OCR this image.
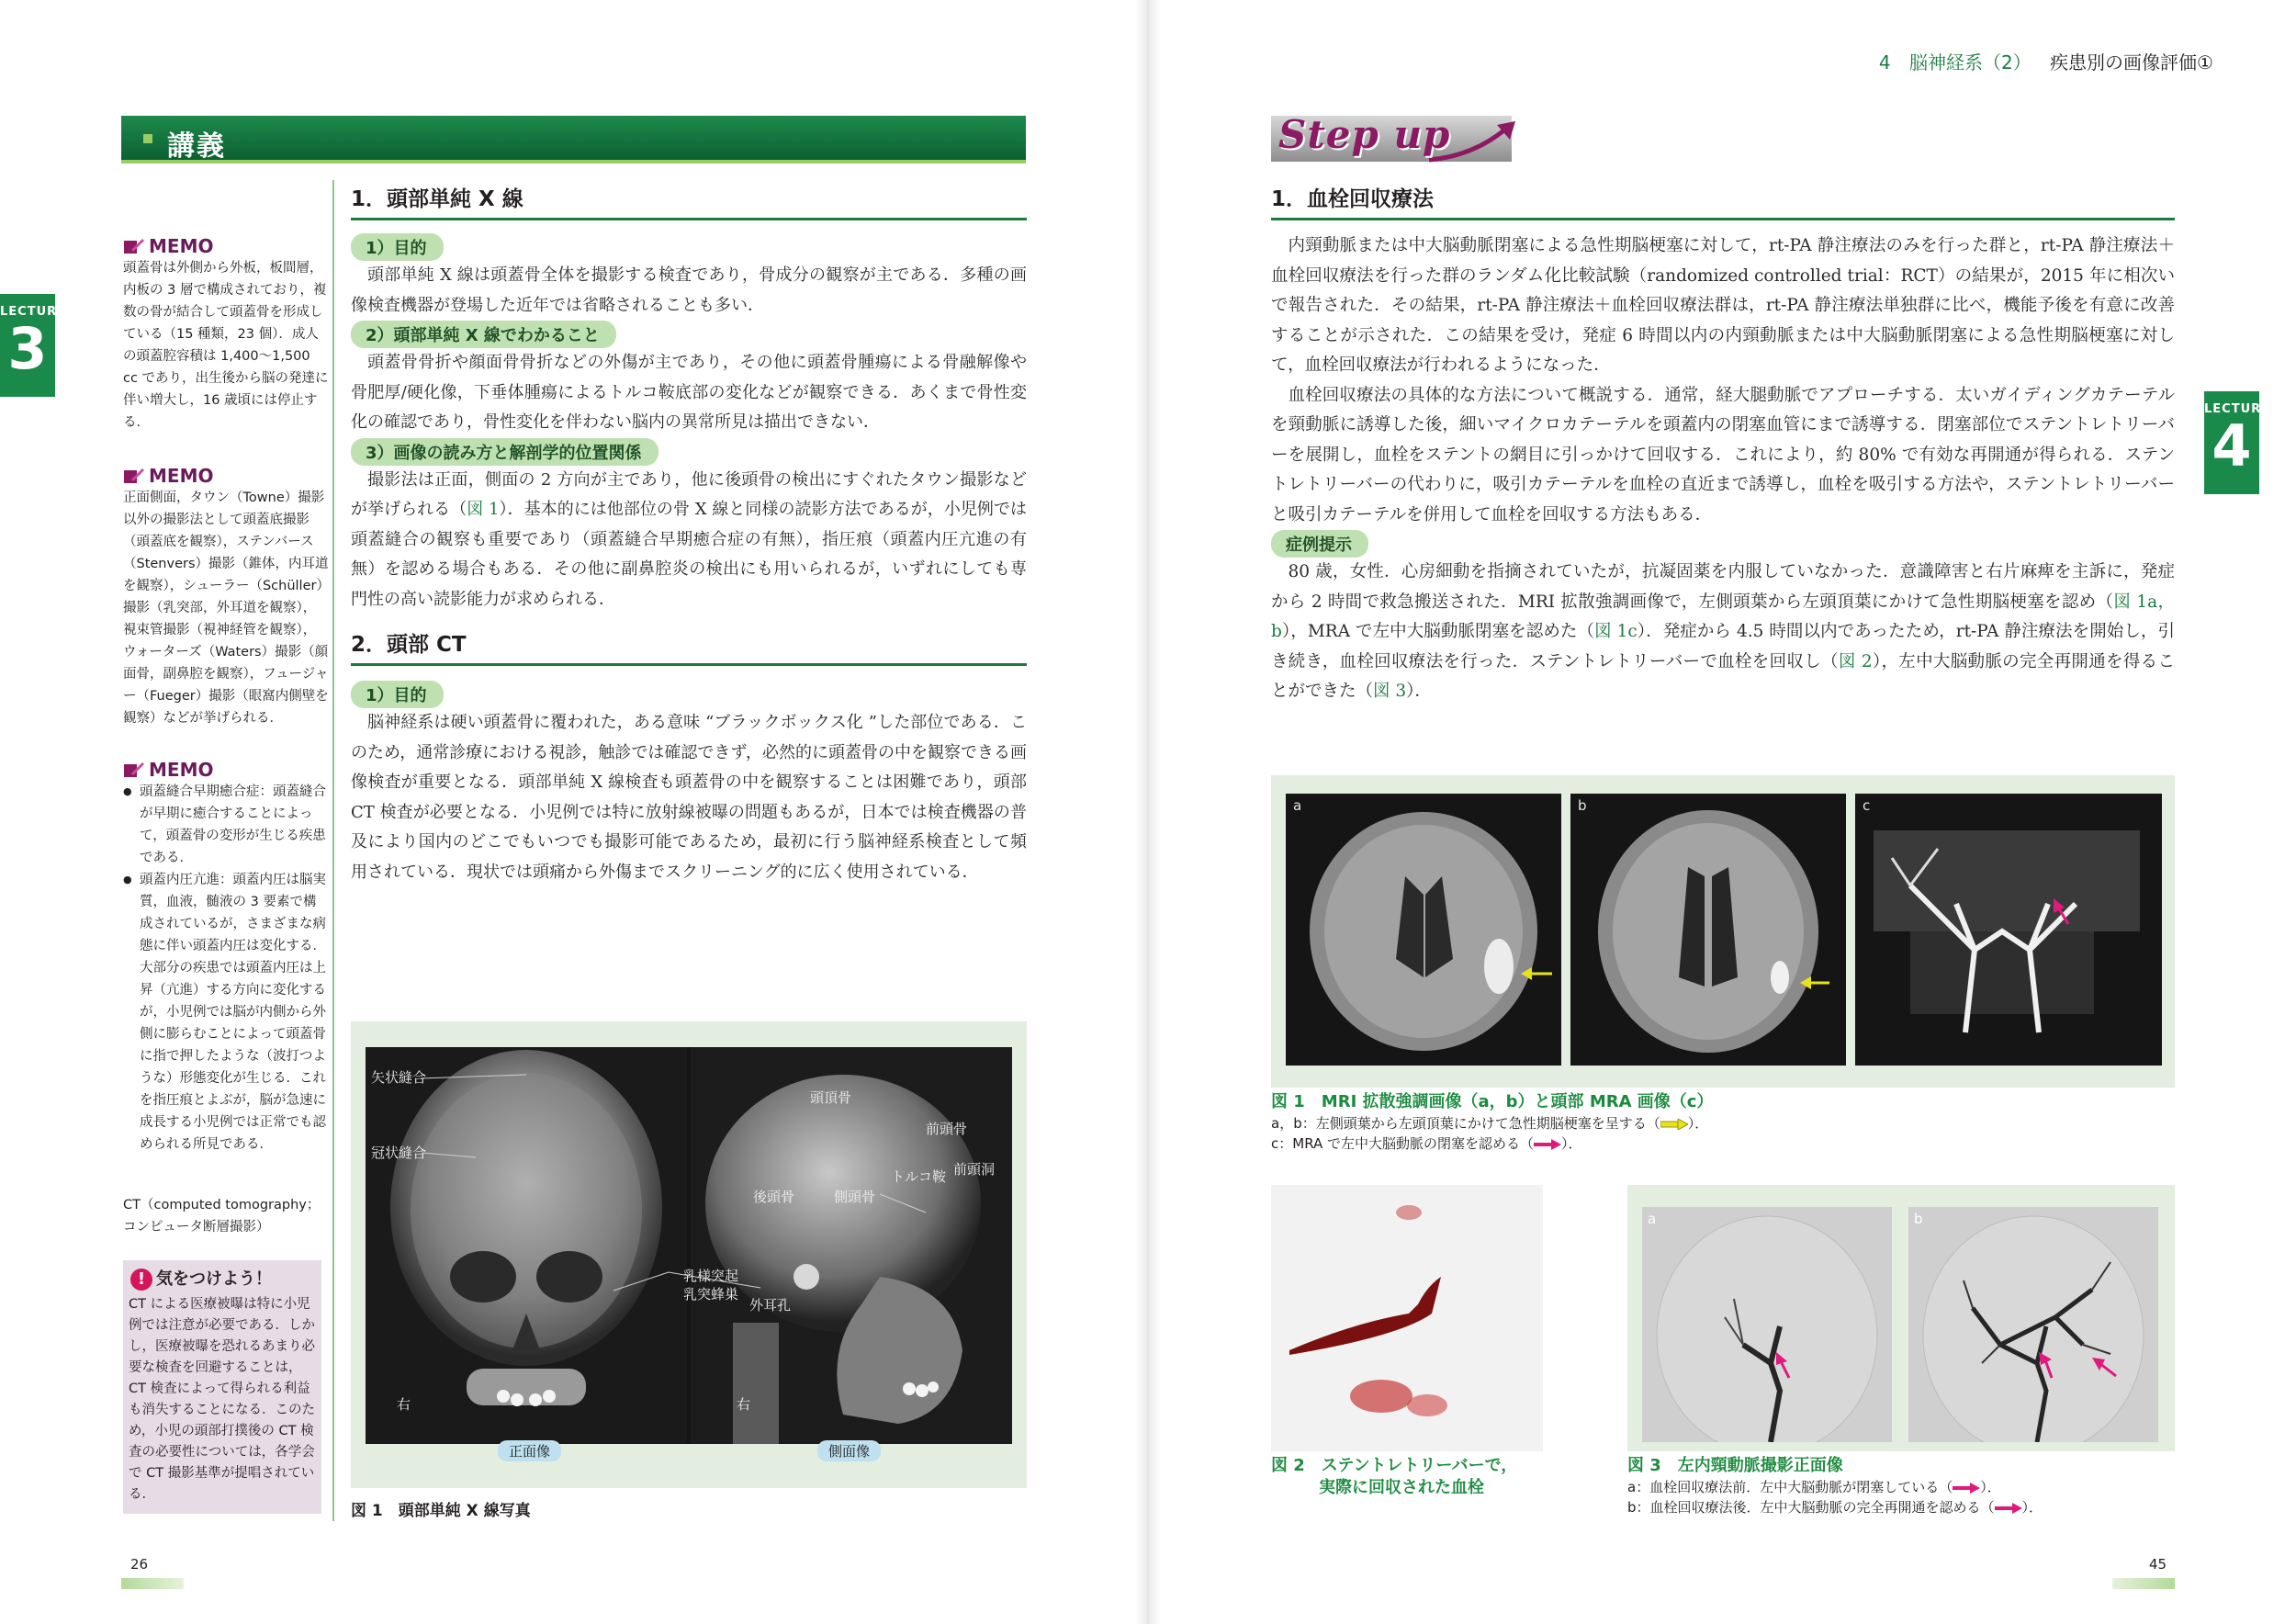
4 脳神経系（2） 疾患別の画像評価①
講義
LECTURE
3
MEMO
頭蓋骨は外側から外板，板間層，内板の 3 層で構成されており，複数の骨が結合して頭蓋骨を形成している（15 種類，23 個）．成人の頭蓋腔容積は 1,400〜1,500 cc であり，出生後から脳の発達に伴い増大し，16 歳頃には停止する．
MEMO
正面側面，タウン（Towne）撮影以外の撮影法として頭蓋底撮影（頭蓋底を観察），ステンバース（Stenvers）撮影（錐体，内耳道を観察），シューラー（Schüller）撮影（乳突部，外耳道を観察），視束管撮影（視神経管を観察），ウォーターズ（Waters）撮影（顔面骨，副鼻腔を観察），フュージャー（Fueger）撮影（眼窩内側壁を観察）などが挙げられる．
MEMO
● 頭蓋縫合早期癒合症：頭蓋縫合が早期に癒合することによって，頭蓋骨の変形が生じる疾患である．
● 頭蓋内圧亢進：頭蓋内圧は脳実質，血液，髄液の 3 要素で構成されているが，さまざまな病態に伴い頭蓋内圧は変化する．大部分の疾患では頭蓋内圧は上昇（亢進）する方向に変化するが，小児例では脳が内側から外側に膨らむことによって頭蓋骨に指で押したような（波打つような）形態変化が生じる．これを指圧痕とよぶが，脳が急速に成長する小児例では正常でも認められる所見である．
CT（computed tomography；コンピュータ断層撮影）
! 気をつけよう！
CT による医療被曝は特に小児例では注意が必要である．しかし，医療被曝を恐れるあまり必要な検査を回避することは，CT 検査によって得られる利益も消失することになる．このため，小児の頭部打撲後の CT 検査の必要性については，各学会で CT 撮影基準が提唱されている．
1．頭部単純 X 線
1）目的
頭部単純 X 線は頭蓋骨全体を撮影する検査であり，骨成分の観察が主である．多種の画像検査機器が登場した近年では省略されることも多い．
2）頭部単純 X 線でわかること
頭蓋骨骨折や顔面骨骨折などの外傷が主であり，その他に頭蓋骨腫瘍による骨融解像や骨肥厚/硬化像，下垂体腫瘍によるトルコ鞍底部の変化などが観察できる．あくまで骨性変化の確認であり，骨性変化を伴わない脳内の異常所見は描出できない．
3）画像の読み方と解剖学的位置関係
撮影法は正面，側面の 2 方向が主であり，他に後頭骨の検出にすぐれたタウン撮影などが挙げられる（図 1）．基本的には他部位の骨 X 線と同様の読影方法であるが，小児例では頭蓋縫合の観察も重要であり（頭蓋縫合早期癒合症の有無），指圧痕（頭蓋内圧亢進の有無）を認める場合もある．その他に副鼻腔炎の検出にも用いられるが，いずれにしても専門性の高い読影能力が求められる．
2．頭部 CT
1）目的
脳神経系は硬い頭蓋骨に覆われた，ある意味 “ブラックボックス化 ”した部位である．このため，通常診療における視診，触診では確認できず，必然的に頭蓋骨の中を観察できる画像検査が重要となる．頭部単純 X 線検査も頭蓋骨の中を観察することは困難であり，頭部 CT 検査が必要となる．小児例では特に放射線被曝の問題もあるが，日本では検査機器の普及により国内のどこでもいつでも撮影可能であるため，最初に行う脳神経系検査として頻用されている．現状では頭痛から外傷までスクリーニング的に広く使用されている．
矢状縫合
冠状縫合
右
頭頂骨
前頭骨
前頭洞
トルコ鞍
後頭骨	側頭骨
乳様突起
乳突蜂巣
外耳孔
右
正面像	側面像
図 1　頭部単純 X 線写真
26
Step up
LECTURE
4
1．血栓回収療法
内頸動脈または中大脳動脈閉塞による急性期脳梗塞に対して，rt-PA 静注療法のみを行った群と，rt-PA 静注療法＋血栓回収療法を行った群のランダム化比較試験（randomized controlled trial：RCT）の結果が，2015 年に相次いで報告された．その結果，rt-PA 静注療法＋血栓回収療法群は，rt-PA 静注療法単独群に比べ，機能予後を有意に改善することが示された．この結果を受け，発症 6 時間以内の内頸動脈または中大脳動脈閉塞による急性期脳梗塞に対して，血栓回収療法が行われるようになった．
血栓回収療法の具体的な方法について概説する．通常，経大腿動脈でアプローチする．太いガイディングカテーテルを頸動脈に誘導した後，細いマイクロカテーテルを頭蓋内の閉塞血管にまで誘導する．閉塞部位でステントレトリーバーを展開し，血栓をステントの網目に引っかけて回収する．これにより，約 80% で有効な再開通が得られる．ステントレトリーバーの代わりに，吸引カテーテルを血栓の直近まで誘導し，血栓を吸引する方法や，ステントレトリーバーと吸引カテーテルを併用して血栓を回収する方法もある．
症例提示
80 歳，女性．心房細動を指摘されていたが，抗凝固薬を内服していなかった．意識障害と右片麻痺を主訴に，発症から 2 時間で救急搬送された．MRI 拡散強調画像で，左側頭葉から左頭頂葉にかけて急性期脳梗塞を認め（図 1a，b），MRA で左中大脳動脈閉塞を認めた（図 1c）．発症から 4.5 時間以内であったため，rt-PA 静注療法を開始し，引き続き，血栓回収療法を行った．ステントレトリーバーで血栓を回収し（図 2），左中大脳動脈の完全再開通を得ることができた（図 3）．
a	b	c
図 1　MRI 拡散強調画像（a，b）と頭部 MRA 画像（c）
a，b：左側頭葉から左頭頂葉にかけて急性期脳梗塞を呈する（ ）．
c：MRA で左中大脳動脈の閉塞を認める（ ）．
図 2　ステントレトリーバーで，
実際に回収された血栓
a	b
図 3　左内頸動脈撮影正面像
a：血栓回収療法前．左中大脳動脈が閉塞している（ ）．
b：血栓回収療法後．左中大脳動脈の完全再開通を認める（ ）．
45
